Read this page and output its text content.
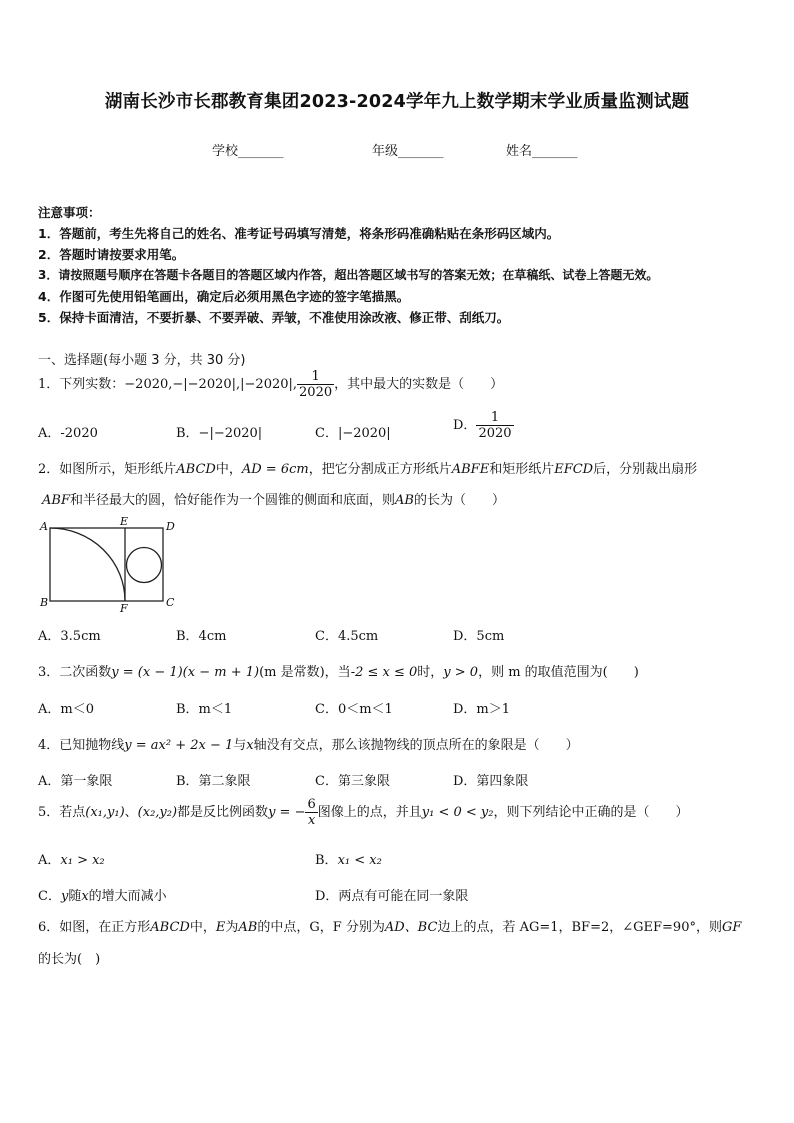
湖南长沙市长郡教育集团2023-2024学年九上数学期末学业质量监测试题
学校_______	年级_______	姓名_______
注意事项：
1．答题前，考生先将自己的姓名、准考证号码填写清楚，将条形码准确粘贴在条形码区域内。
2．答题时请按要求用笔。
3．请按照题号顺序在答题卡各题目的答题区域内作答，超出答题区域书写的答案无效；在草稿纸、试卷上答题无效。
4．作图可先使用铅笔画出，确定后必须用黑色字迹的签字笔描黑。
5．保持卡面清洁，不要折暴、不要弄破、弄皱，不准使用涂改液、修正带、刮纸刀。
一、选择题(每小题 3 分，共 30 分)
1．下列实数：−2020,−|−2020|,|−2020|, $\frac{1}{2020}$ ，其中最大的实数是（　　）
A．-2020	B．−|−2020|	C．|−2020|
D． $\frac{1}{2020}$
2．如图所示，矩形纸片ABCD中，AD = 6cm，把它分割成正方形纸片ABFE和矩形纸片EFCD后，分别裁出扇形
ABF和半径最大的圆，恰好能作为一个圆锥的侧面和底面，则AB的长为（　　）
A	E	D
B	F	C
A．3.5cm	B．4cm	C．4.5cm	D．5cm
3．二次函数y = (x − 1)(x − m + 1)(m 是常数)，当-2 ≤ x ≤ 0时，y > 0，则 m 的取值范围为(　　)
A．m＜0	B．m＜1	C．0＜m＜1	D．m＞1
4．已知抛物线y = ax² + 2x − 1与x轴没有交点，那么该抛物线的顶点所在的象限是（　　）
A．第一象限	B．第二象限	C．第三象限	D．第四象限
5．若点(x₁,y₁)、(x₂,y₂)都是反比例函数y = − $\frac{6}{x}$ 图像上的点，并且y₁ < 0 < y₂，则下列结论中正确的是（　　）
A．x₁ > x₂	B．x₁ < x₂
C．y随x的增大而减小	D．两点有可能在同一象限
6．如图，在正方形ABCD中，E为AB的中点，G，F 分别为AD、BC边上的点，若 AG=1，BF=2，∠GEF=90°，则GF
的长为(　)
